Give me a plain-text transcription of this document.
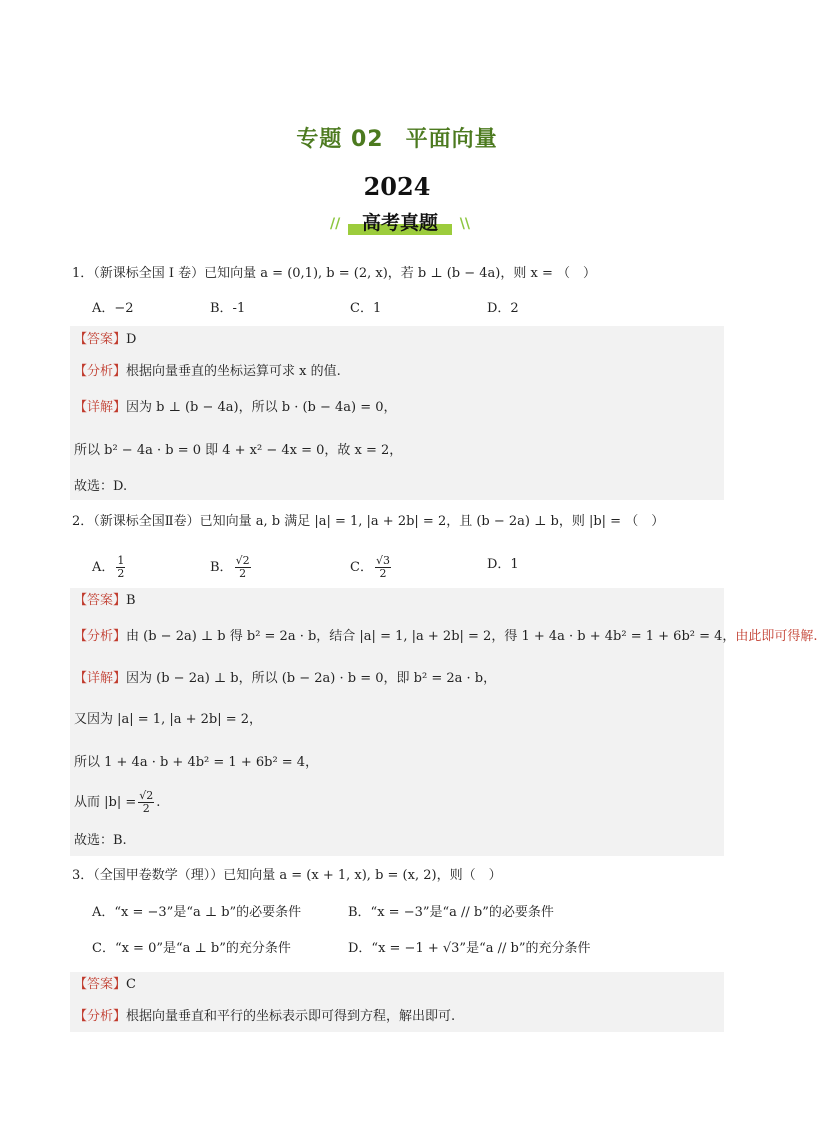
专题 02 平面向量
2024
//	\\
高考真题
1．（新课标全国 I 卷）已知向量 a = (0,1), b = (2, x)，若 b ⊥ (b − 4a)，则 x = （　）
A．−2	B．-1	C．1	D．2
【答案】D
【分析】根据向量垂直的坐标运算可求 x 的值.
【详解】因为 b ⊥ (b − 4a)，所以 b · (b − 4a) = 0，
所以 b² − 4a · b = 0 即 4 + x² − 4x = 0，故 x = 2，
故选：D.
2．（新课标全国Ⅱ卷）已知向量 a, b 满足 |a| = 1, |a + 2b| = 2，且 (b − 2a) ⊥ b，则 |b| = （　）
A． $\frac{1}{2}$	B． $\frac{√2}{2}$	C． $\frac{√3}{2}$	D．1
【答案】B
【分析】由 (b − 2a) ⊥ b 得 b² = 2a · b，结合 |a| = 1, |a + 2b| = 2，得 1 + 4a · b + 4b² = 1 + 6b² = 4，由此即可得解.
【详解】因为 (b − 2a) ⊥ b，所以 (b − 2a) · b = 0，即 b² = 2a · b，
又因为 |a| = 1, |a + 2b| = 2，
所以 1 + 4a · b + 4b² = 1 + 6b² = 4，
从而 $|b| = \frac{√2}{2}$ .
故选：B.
3．（全国甲卷数学（理））已知向量 a = (x + 1, x), b = (x, 2)，则（　）
A．“x = −3”是“a ⊥ b”的必要条件	B．“x = −3”是“a // b”的必要条件
C．“x = 0”是“a ⊥ b”的充分条件	D．“x = −1 + √3”是“a // b”的充分条件
【答案】C
【分析】根据向量垂直和平行的坐标表示即可得到方程，解出即可.
